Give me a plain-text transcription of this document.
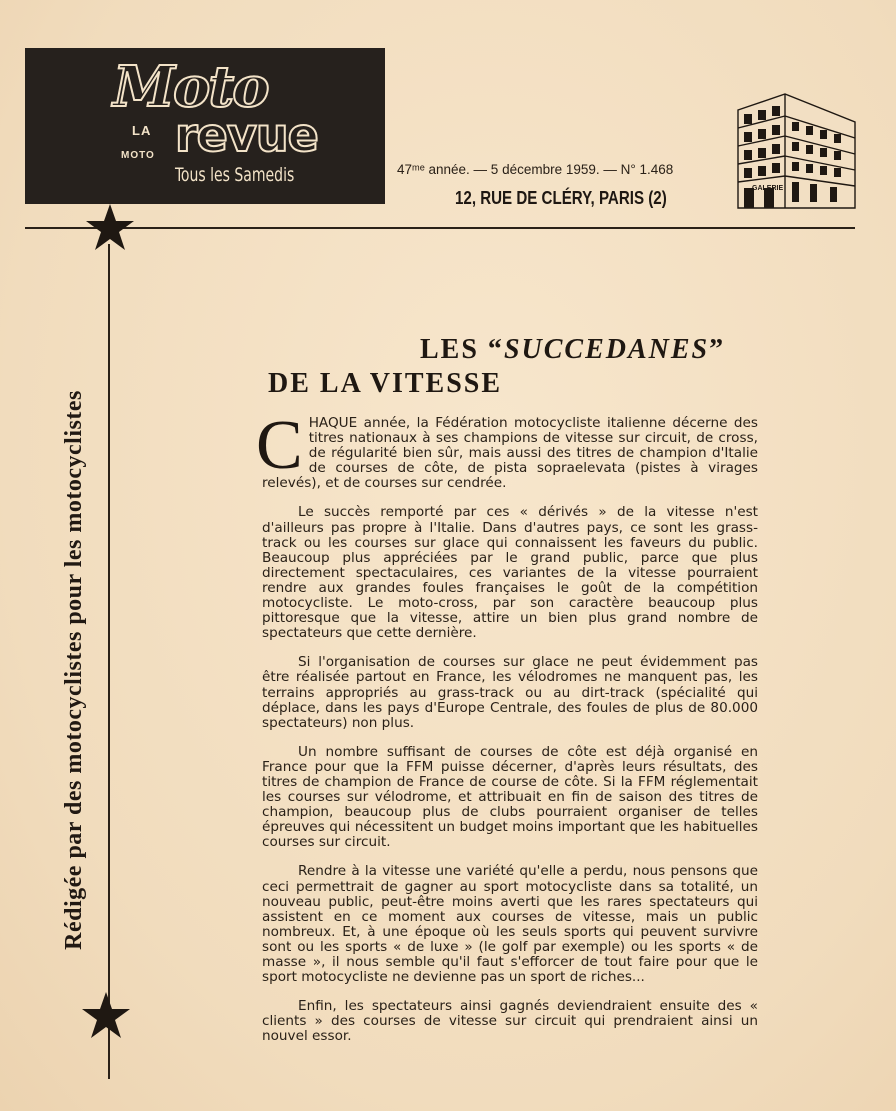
Moto
LA
MOTO revue
Tous les Samedis	47ᵐᵉ année. — 5 décembre 1959. — N° 1.468
12, RUE DE CLÉRY, PARIS (2)	GALERIE
Rédigée par des motocyclistes pour les motocyclistes
LES “SUCCEDANES”
DE LA VITESSE

CHAQUE année, la Fédération motocycliste italienne décerne des titres nationaux à ses champions de vitesse sur circuit, de cross, de régularité bien sûr, mais aussi des titres de champion d'Italie de courses de côte, de pista sopraelevata (pistes à virages relevés), et de courses sur cendrée.

Le succès remporté par ces « dérivés » de la vitesse n'est d'ailleurs pas propre à l'Italie. Dans d'autres pays, ce sont les grass-track ou les courses sur glace qui connaissent les faveurs du public. Beaucoup plus appréciées par le grand public, parce que plus directement spectaculaires, ces variantes de la vitesse pourraient rendre aux grandes foules françaises le goût de la compétition motocycliste. Le moto-cross, par son caractère beaucoup plus pittoresque que la vitesse, attire un bien plus grand nombre de spectateurs que cette dernière.

Si l'organisation de courses sur glace ne peut évidemment pas être réalisée partout en France, les vélodromes ne manquent pas, les terrains appropriés au grass-track ou au dirt-track (spécialité qui déplace, dans les pays d'Europe Centrale, des foules de plus de 80.000 spectateurs) non plus.

Un nombre suffisant de courses de côte est déjà organisé en France pour que la FFM puisse décerner, d'après leurs résultats, des titres de champion de France de course de côte. Si la FFM réglementait les courses sur vélodrome, et attribuait en fin de saison des titres de champion, beaucoup plus de clubs pourraient organiser de telles épreuves qui nécessitent un budget moins important que les habituelles courses sur circuit.

Rendre à la vitesse une variété qu'elle a perdu, nous pensons que ceci permettrait de gagner au sport motocycliste dans sa totalité, un nouveau public, peut-être moins averti que les rares spectateurs qui assistent en ce moment aux courses de vitesse, mais un public nombreux. Et, à une époque où les seuls sports qui peuvent survivre sont ou les sports « de luxe » (le golf par exemple) ou les sports « de masse », il nous semble qu'il faut s'efforcer de tout faire pour que le sport motocycliste ne devienne pas un sport de riches...

Enfin, les spectateurs ainsi gagnés deviendraient ensuite des « clients » des courses de vitesse sur circuit qui prendraient ainsi un nouvel essor.
